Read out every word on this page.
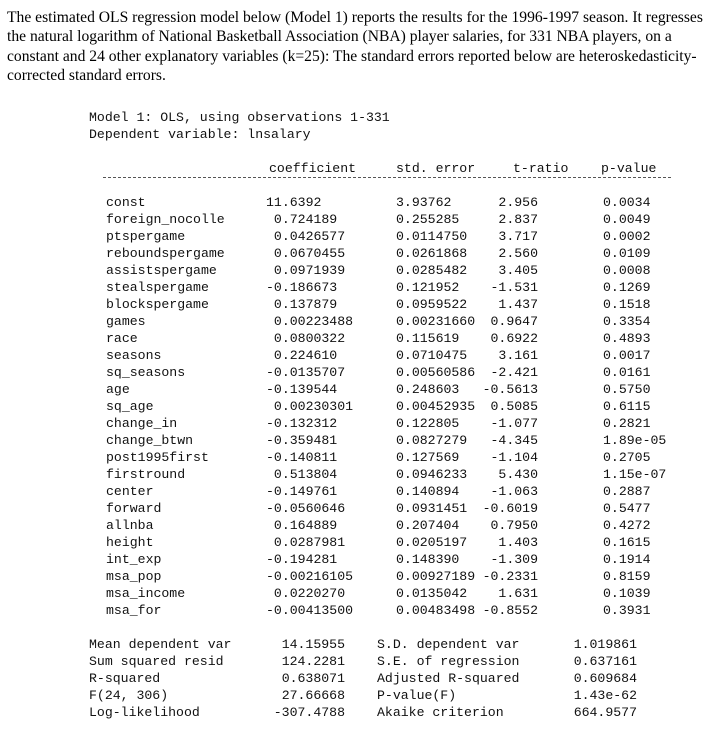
The estimated OLS regression model below (Model 1) reports the results for the 1996-1997 season. It regresses the natural logarithm of National Basketball Association (NBA) player salaries, for 331 NBA players, on a constant and 24 other explanatory variables (k=25): The standard errors reported below are heteroskedasticity-corrected standard errors.

Model 1: OLS, using observations 1-331
Dependent variable: lnsalary
coefficient	std. error	t-ratio p-value
const	11.6392	3.93762	2.956	0.0034
foreign_nocolle	0.724189	0.255285	2.837	0.0049
ptspergame	0.0426577	0.0114750 3.717	0.0002
reboundspergame	0.0670455	0.0261868 2.560	0.0109
assistspergame	0.0971939	0.0285482 3.405	0.0008
stealspergame	-0.186673	0.121952 -1.531	0.1269
blockspergame	0.137879	0.0959522 1.437	0.1518
games	0.00223488	0.00231660 0.9647	0.3354
race	0.0800322	0.115619 0.6922	0.4893
seasons	0.224610	0.0710475 3.161	0.0017
sq_seasons	-0.0135707	0.00560586 -2.421	0.0161
age	-0.139544	0.248603 -0.5613	0.5750
sq_age	0.00230301	0.00452935 0.5085	0.6115
change_in	-0.132312	0.122805 -1.077	0.2821
change_btwn	-0.359481	0.0827279 -4.345	1.89e-05
post1995first	-0.140811	0.127569 -1.104	0.2705
firstround	0.513804	0.0946233 5.430	1.15e-07
center	-0.149761	0.140894 -1.063	0.2887
forward	-0.0560646	0.0931451 -0.6019	0.5477
allnba	0.164889	0.207404 0.7950	0.4272
height	0.0287981	0.0205197 1.403	0.1615
int_exp	-0.194281	0.148390 -1.309	0.1914
msa_pop	-0.00216105	0.00927189 -0.2331	0.8159
msa_income	0.0220270	0.0135042 1.631	0.1039
msa_for	-0.00413500	0.00483498 -0.8552	0.3931
Mean dependent var	14.15955 S.D. dependent var	1.019861
Sum squared resid	124.2281 S.E. of regression	0.637161
R-squared	0.638071 Adjusted R-squared	0.609684
F(24, 306)	27.66668 P-value(F)	1.43e-62
Log-likelihood	-307.4788 Akaike criterion	664.9577
